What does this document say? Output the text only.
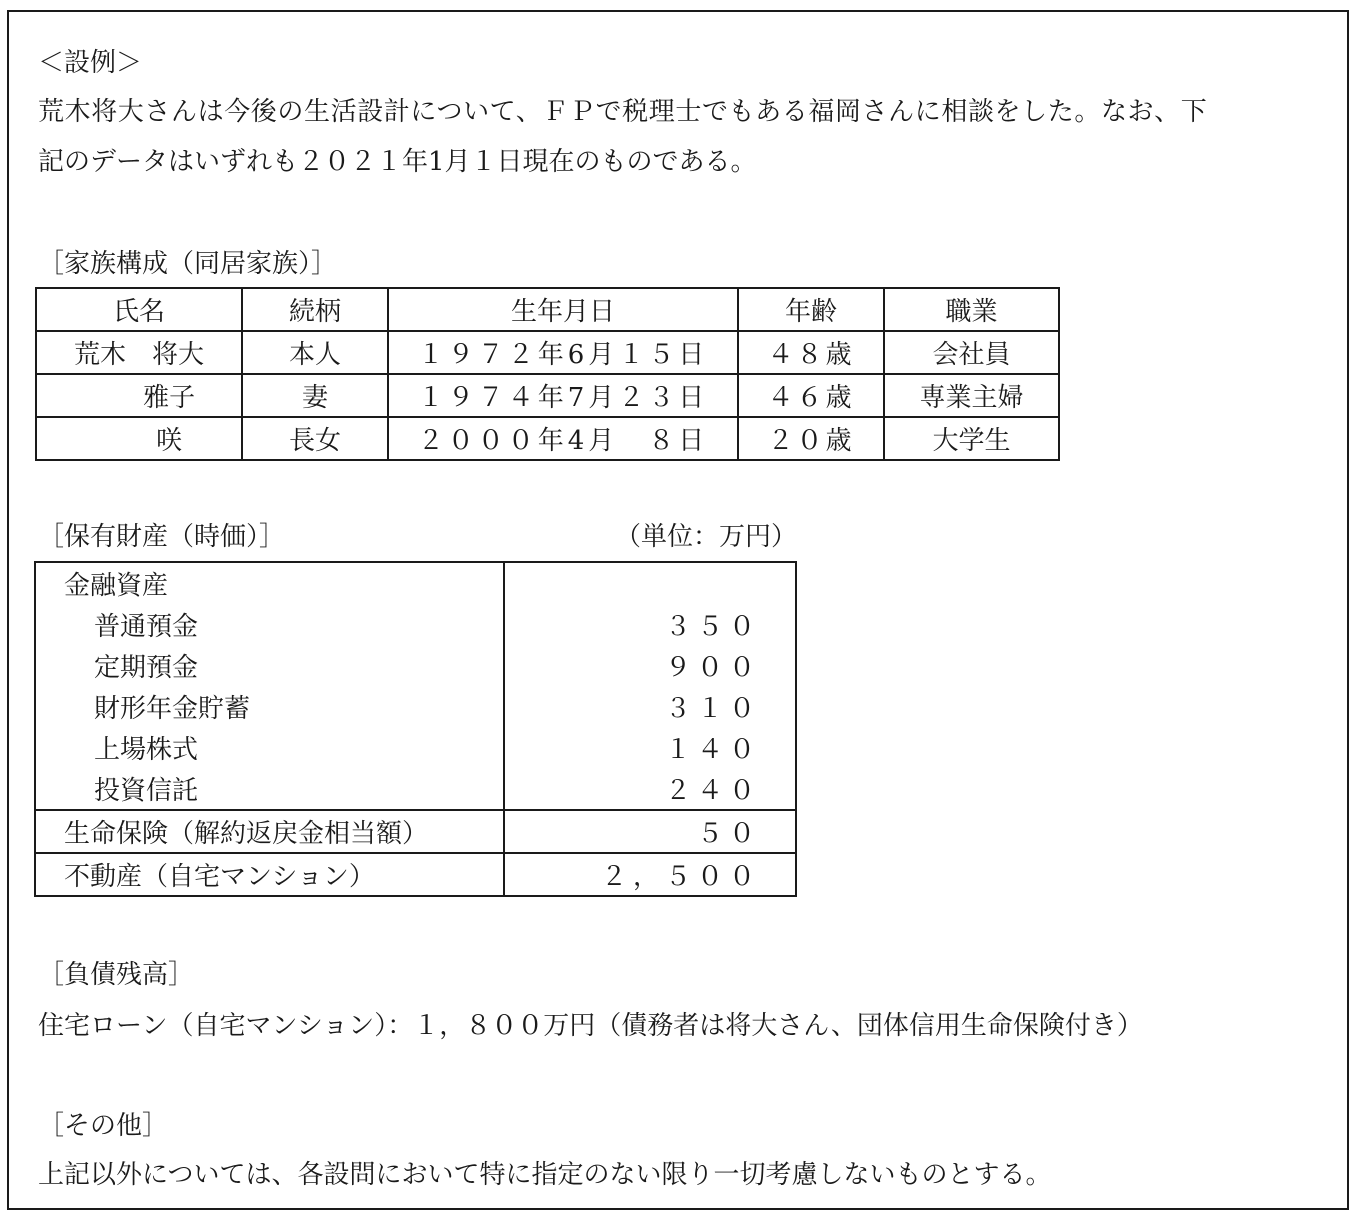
＜設例＞
荒木将大さんは今後の生活設計について、ＦＰで税理士でもある福岡さんに相談をした。なお、下
記のデータはいずれも２０２１年1月１日現在のものである。
［家族構成（同居家族）］
氏名	続柄	生年月日	年齢	職業
荒木　将大	本人	１９７２年6月１５日	４８歳	会社員
　　 雅子	妻	１９７４年7月２３日	４６歳	専業主婦
　　 咲	長女	２０００年4月　８日	２０歳	大学生
［保有財産（時価）］	（単位：万円）
金融資産	
普通預金	３５０
定期預金	９００
財形年金貯蓄	３１０
上場株式	１４０
投資信託	２４０
生命保険（解約返戻金相当額）	５０
不動産（自宅マンション）	２，５００
［負債残高］
住宅ローン（自宅マンション）：１，８００万円（債務者は将大さん、団体信用生命保険付き）
［その他］
上記以外については、各設問において特に指定のない限り一切考慮しないものとする。
